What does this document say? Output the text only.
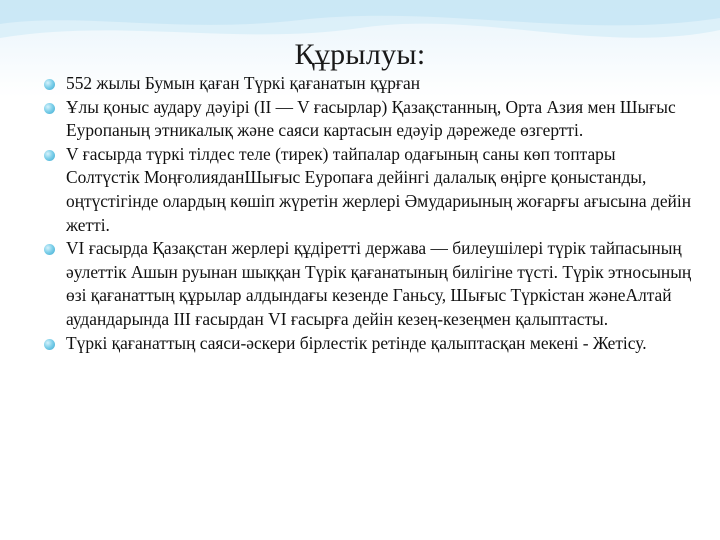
Құрылуы:
552 жылы Бумын қаған Түркі қағанатын құрған
Ұлы қоныс аудару дәуірі (II — V ғасырлар) Қазақстанның, Орта Азия мен Шығыс Еуропаның этникалық және саяси картасын едәуір дәрежеде өзгертті.
V ғасырда түркі тілдес теле (тирек) тайпалар одағының саны көп топтары Солтүстік МоңғолияданШығыс Еуропаға дейінгі далалық өңірге қоныстанды, оңтүстігінде олардың көшіп жүретін жерлері Әмудариының жоғарғы ағысына дейін жетті.
VI ғасырда Қазақстан жерлері құдіретті держава — билеушілері түрік тайпасының әулеттік Ашын руынан шыққан Түрік қағанатының билігіне түсті. Түрік этносының өзі қағанаттың құрылар алдындағы кезенде Ганьсу, Шығыс Түркістан жәнеАлтай аудандарында III ғасырдан VI ғасырға дейін кезең-кезеңмен қалыптасты.
Түркі қағанаттың саяси-әскери бірлестік ретінде қалыптасқан мекені - Жетісу.
